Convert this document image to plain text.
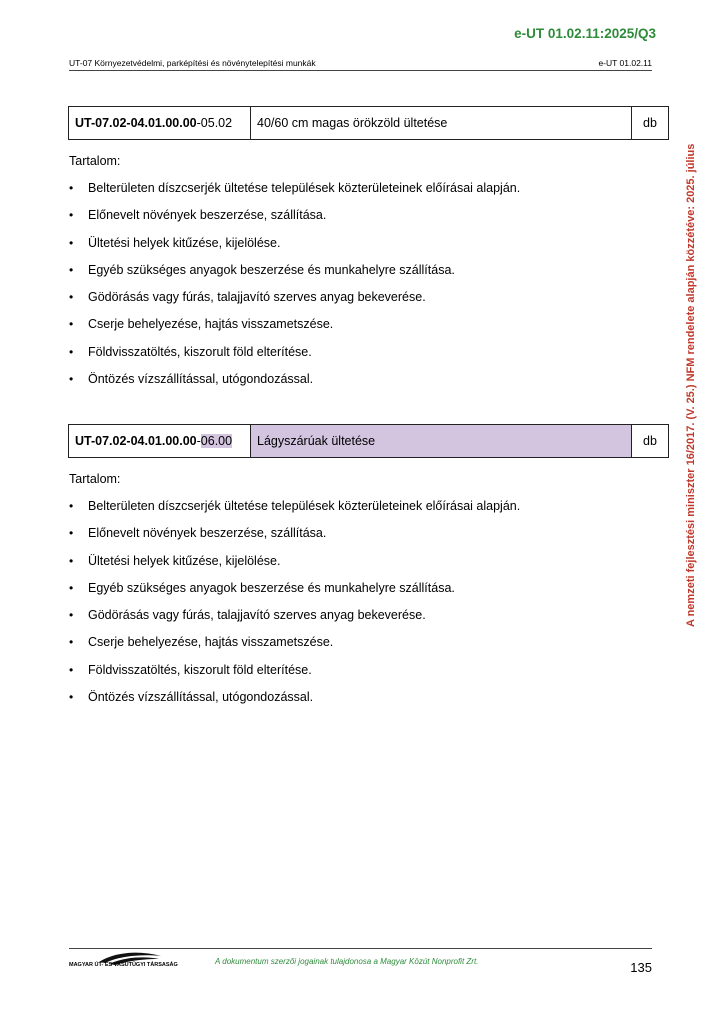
e-UT 01.02.11:2025/Q3
UT-07 Környezetvédelmi, parképítési és növénytelepítési munkák	e-UT 01.02.11
A nemzeti fejlesztési miniszter 16/2017. (V. 25.) NFM rendelete alapján közzétéve: 2025. július
UT-07.02-04.01.00.00 -05.02	40/60 cm magas örökzöld ültetése	db
Tartalom:
•	Belterületen díszcserjék ültetése települések közterületeinek előírásai alapján.
•	Előnevelt növények beszerzése, szállítása.
•	Ültetési helyek kitűzése, kijelölése.
•	Egyéb szükséges anyagok beszerzése és munkahelyre szállítása.
•	Gödörásás vagy fúrás, talajjavító szerves anyag bekeverése.
•	Cserje behelyezése, hajtás visszametszése.
•	Földvisszatöltés, kiszorult föld elterítése.
•	Öntözés vízszállítással, utógondozással.
UT-07.02-04.01.00.00 - 06.00	Lágyszárúak ültetése	db
Tartalom:
•	Belterületen díszcserjék ültetése települések közterületeinek előírásai alapján.
•	Előnevelt növények beszerzése, szállítása.
•	Ültetési helyek kitűzése, kijelölése.
•	Egyéb szükséges anyagok beszerzése és munkahelyre szállítása.
•	Gödörásás vagy fúrás, talajjavító szerves anyag bekeverése.
•	Cserje behelyezése, hajtás visszametszése.
•	Földvisszatöltés, kiszorult föld elterítése.
•	Öntözés vízszállítással, utógondozással.
MAGYAR ÚT- ÉS VASÚTÜGYI TÁRSASÁG	A dokumentum szerzői jogainak tulajdonosa a Magyar Közút Nonprofit Zrt.	135
